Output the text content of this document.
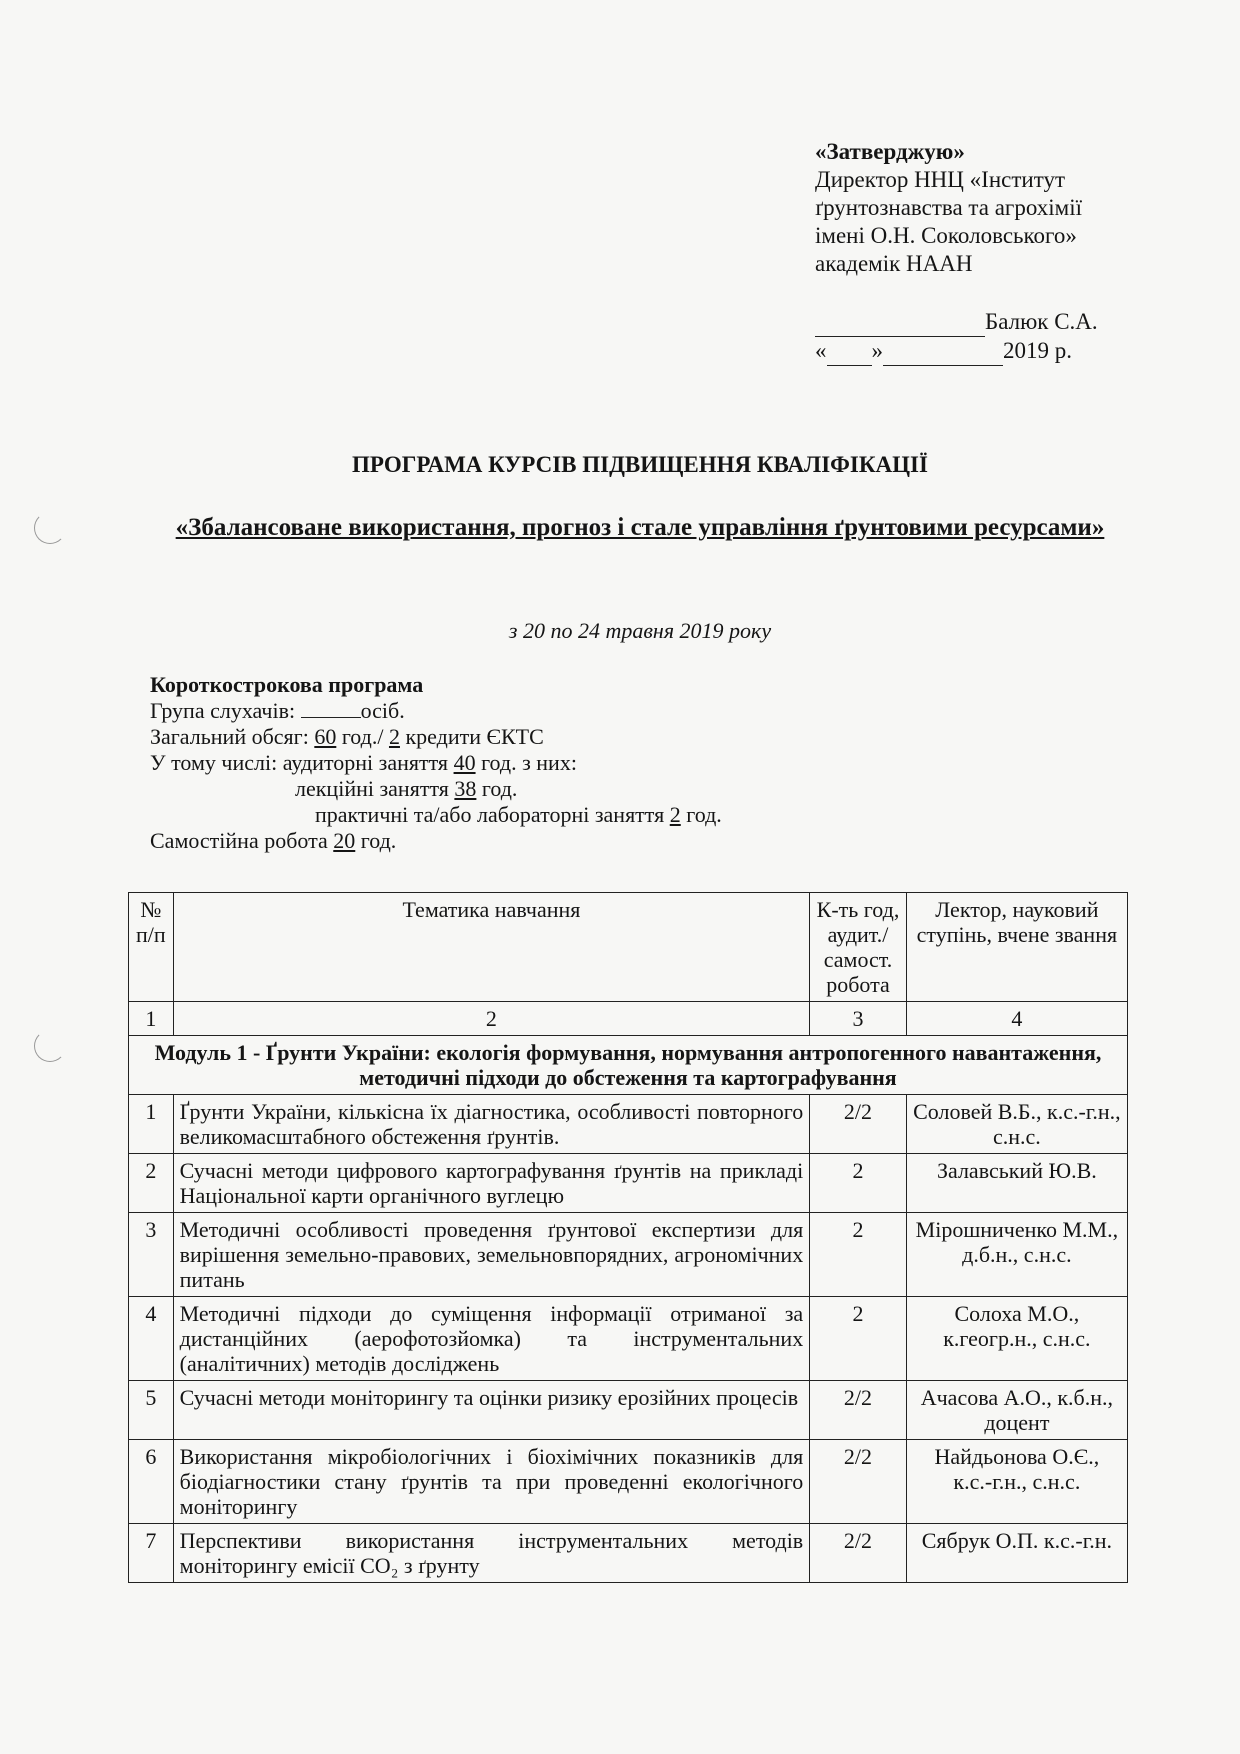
«Затверджую»
Директор ННЦ «Інститут
ґрунтознавства та агрохімії
імені О.Н. Соколовського»
академік НААН
Балюк С.А.
« »	2019 р.
ПРОГРАМА КУРСІВ ПІДВИЩЕННЯ КВАЛІФІКАЦІЇ
«Збалансоване використання, прогноз і стале управління ґрунтовими ресурсами»
з 20 по 24 травня 2019 року
Короткострокова програма
Група слухачів:	осіб.
Загальний обсяг: 60 год./ 2 кредити ЄКТС
У тому числі: аудиторні заняття 40 год. з них:
лекційні заняття 38 год.
практичні та/або лабораторні заняття 2 год.
Самостійна робота 20 год.
№ п/п	Тематика навчання	К-ть год, аудит./ самост. робота	Лектор, науковий ступінь, вчене звання
1	2	3	4
Модуль 1 - Ґрунти України: екологія формування, нормування антропогенного навантаження, методичні підходи до обстеження та картографування			
1	Ґрунти України, кількісна їх діагностика, особливості повторного великомасштабного обстеження ґрунтів.	2/2	Соловей В.Б., к.с.-г.н., с.н.с.
2	Сучасні методи цифрового картографування ґрунтів на прикладі Національної карти органічного вуглецю	2	Залавський Ю.В.
3	Методичні особливості проведення ґрунтової експертизи для вирішення земельно-правових, земельновпорядних, агрономічних питань	2	Мірошниченко М.М., д.б.н., с.н.с.
4	Методичні підходи до суміщення інформації отриманої за дистанційних (аерофотозйомка) та інструментальних (аналітичних) методів досліджень	2	Солоха М.О., к.геогр.н., с.н.с.
5	Сучасні методи моніторингу та оцінки ризику ерозійних процесів	2/2	Ачасова А.О., к.б.н., доцент
6	Використання мікробіологічних і біохімічних показників для біодіагностики стану ґрунтів та при проведенні екологічного моніторингу	2/2	Найдьонова О.Є., к.с.-г.н., с.н.с.
7	Перспективи використання інструментальних методів моніторингу емісії CO₂ з ґрунту	2/2	Сябрук О.П. к.с.-г.н.
